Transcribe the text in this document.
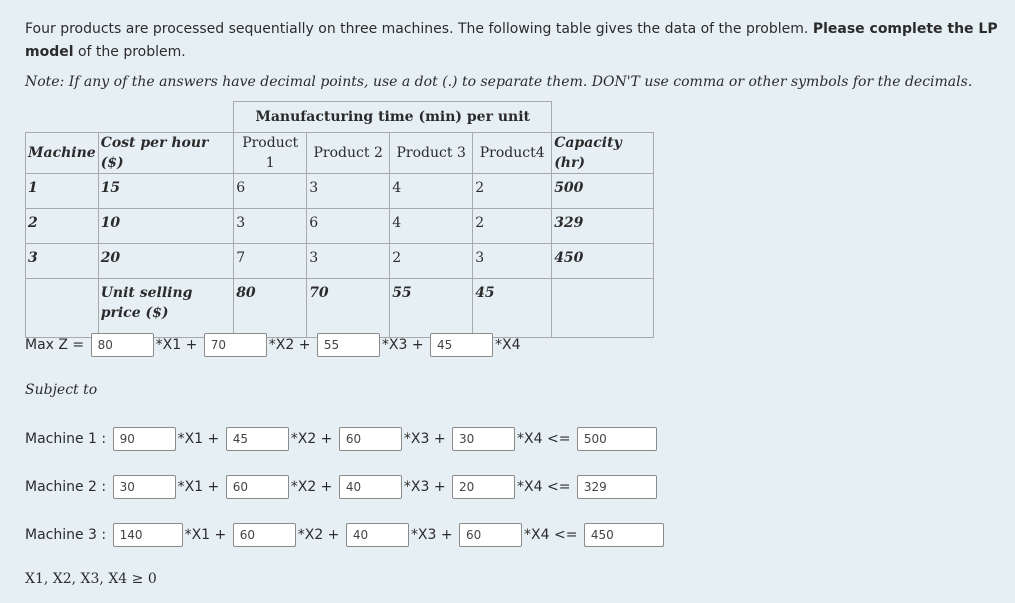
Four products are processed sequentially on three machines. The following table gives the data of the problem. Please complete the LP

model of the problem.

Note: If any of the answers have decimal points, use a dot (.) to separate them. DON'T use comma or other symbols for the decimals.

		Manufacturing time (min) per unit				
Machine	Cost per hour ($)	Product 1	Product 2	Product 3	Product4	Capacity (hr)
1	15	6	3	4	2	500
2	10	3	6	4	2	329
3	20	7	3	2	3	450
	Unit selling price ($)	80	70	55	45	
Max Z = 80	*X1 + 70	*X2 + 55	*X3 + 45	*X4
Subject to
Machine 1 : 90	*X1 + 45	*X2 + 60	*X3 + 30	*X4 <= 500
Machine 2 : 30	*X1 + 60	*X2 + 40	*X3 + 20	*X4 <= 329
Machine 3 : 140	*X1 + 60	*X2 + 40	*X3 + 60	*X4 <= 450
X1, X2, X3, X4 ≥ 0
